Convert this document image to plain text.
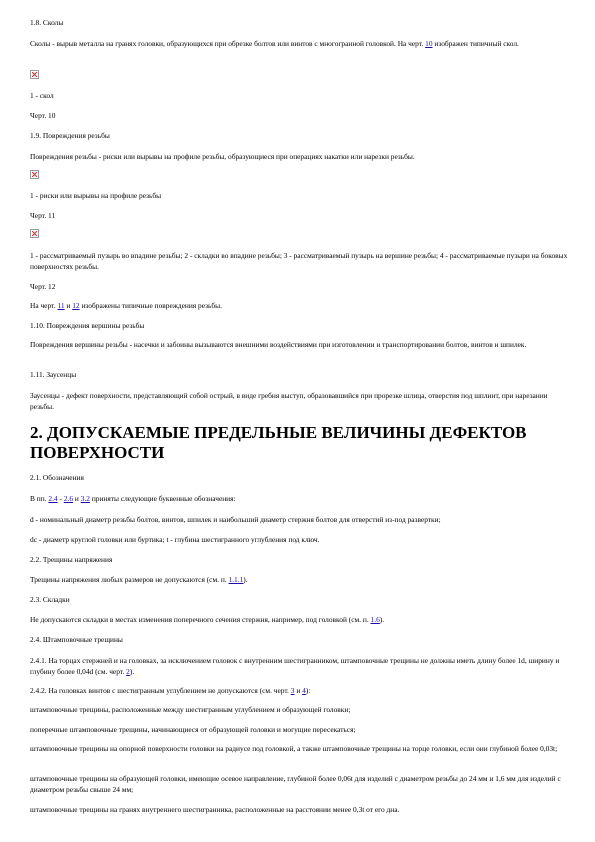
1.8. Сколы
Сколы - вырыв металла на гранях головки, образующихся при обрезке болтов или винтов с многогранной головкой. На черт. 10 изображен типичный скол.
1 - скол
Черт. 10
1.9. Повреждения резьбы
Повреждения резьбы - риски или вырывы на профиле резьбы, образующиеся при операциях накатки или нарезки резьбы.
1 - риски или вырывы на профиле резьбы
Черт. 11
1 - рассматриваемый пузырь во впадине резьбы; 2 - складки во впадине резьбы; 3 - рассматриваемый пузырь на вершине резьбы; 4 - рассматриваемые пузыри на боковых поверхностях резьбы.
Черт. 12
На черт. 11 и 12 изображены типичные повреждения резьбы.
1.10. Повреждения вершины резьбы
Повреждения вершины резьбы - насечки и забоины вызываются внешними воздействиями при изготовлении и транспортировании болтов, винтов и шпилек.
1.11. Заусенцы
Заусенцы - дефект поверхности, представляющий собой острый, в виде гребня выступ, образовавшийся при прорезке шлица, отверстия под шплинт, при нарезании резьбы.
2. ДОПУСКАЕМЫЕ ПРЕДЕЛЬНЫЕ ВЕЛИЧИНЫ ДЕФЕКТОВ ПОВЕРХНОСТИ
2.1. Обозначения
В пп. 2.4 - 2.6 и 3.2 приняты следующие буквенные обозначения:
d - номинальный диаметр резьбы болтов, винтов, шпилек и наибольший диаметр стержня болтов для отверстий из-под развертки;
dс - диаметр круглой головки или буртика; t - глубина шестигранного углубления под ключ.
2.2. Трещины напряжения
Трещины напряжения любых размеров не допускаются (см. п. 1.1.1).
2.3. Складки
Не допускаются складки в местах изменения поперечного сечения стержня, например, под головкой (см. п. 1.6).
2.4. Штамповочные трещины
2.4.1. На торцах стержней и на головках, за исключением головок с внутренним шестигранником, штамповочные трещины не должны иметь длину более 1d, ширину и глубину более 0,04d (см. черт. 2).
2.4.2. На головках винтов с шестигранным углублением не допускаются (см. черт. 3 и 4):
штамповочные трещины, расположенные между шестигранным углублением и образующей головки;
поперечные штамповочные трещины, начинающиеся от образующей головки и могущие пересекаться;
штамповочные трещины на опорной поверхности головки на радиусе под головкой, а также штамповочные трещины на торце головки, если они глубиной более 0,03t;
штамповочные трещины на образующей головки, имеющие осевое направление, глубиной более 0,06t для изделий с диаметром резьбы до 24 мм и 1,6 мм для изделий с диаметром резьбы свыше 24 мм;
штамповочные трещины на гранях внутреннего шестигранника, расположенные на расстоянии менее 0,3t от его дна.
